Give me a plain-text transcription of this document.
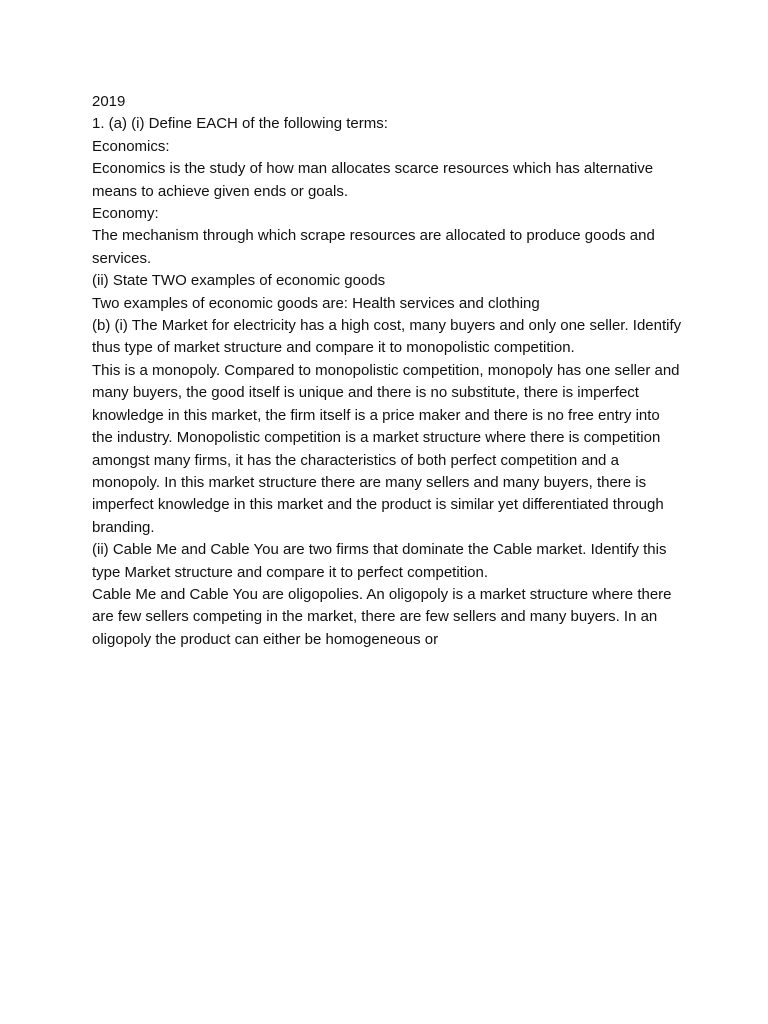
2019

1. (a) (i) Define EACH of the following terms:

Economics:

Economics is the study of how man allocates scarce resources which has alternative means to achieve given ends or goals.

Economy:

The mechanism through which scrape resources are allocated to produce goods and services.

(ii) State TWO examples of economic goods

Two examples of economic goods are: Health services and clothing

(b) (i) The Market for electricity has a high cost, many buyers and only one seller. Identify thus type of market structure and compare it to monopolistic competition.

This is a monopoly. Compared to monopolistic competition, monopoly has one seller and many buyers, the good itself is unique and there is no substitute, there is imperfect knowledge in this market, the firm itself is a price maker and there is no free entry into the industry. Monopolistic competition is a market structure where there is competition amongst many firms, it has the characteristics of both perfect competition and a monopoly. In this market structure there are many sellers and many buyers, there is imperfect knowledge in this market and the product is similar yet differentiated through branding.

(ii) Cable Me and Cable You are two firms that dominate the Cable market. Identify this type Market structure and compare it to perfect competition.

Cable Me and Cable You are oligopolies. An oligopoly is a market structure where there are few sellers competing in the market, there are few sellers and many buyers. In an oligopoly the product can either be homogeneous or
